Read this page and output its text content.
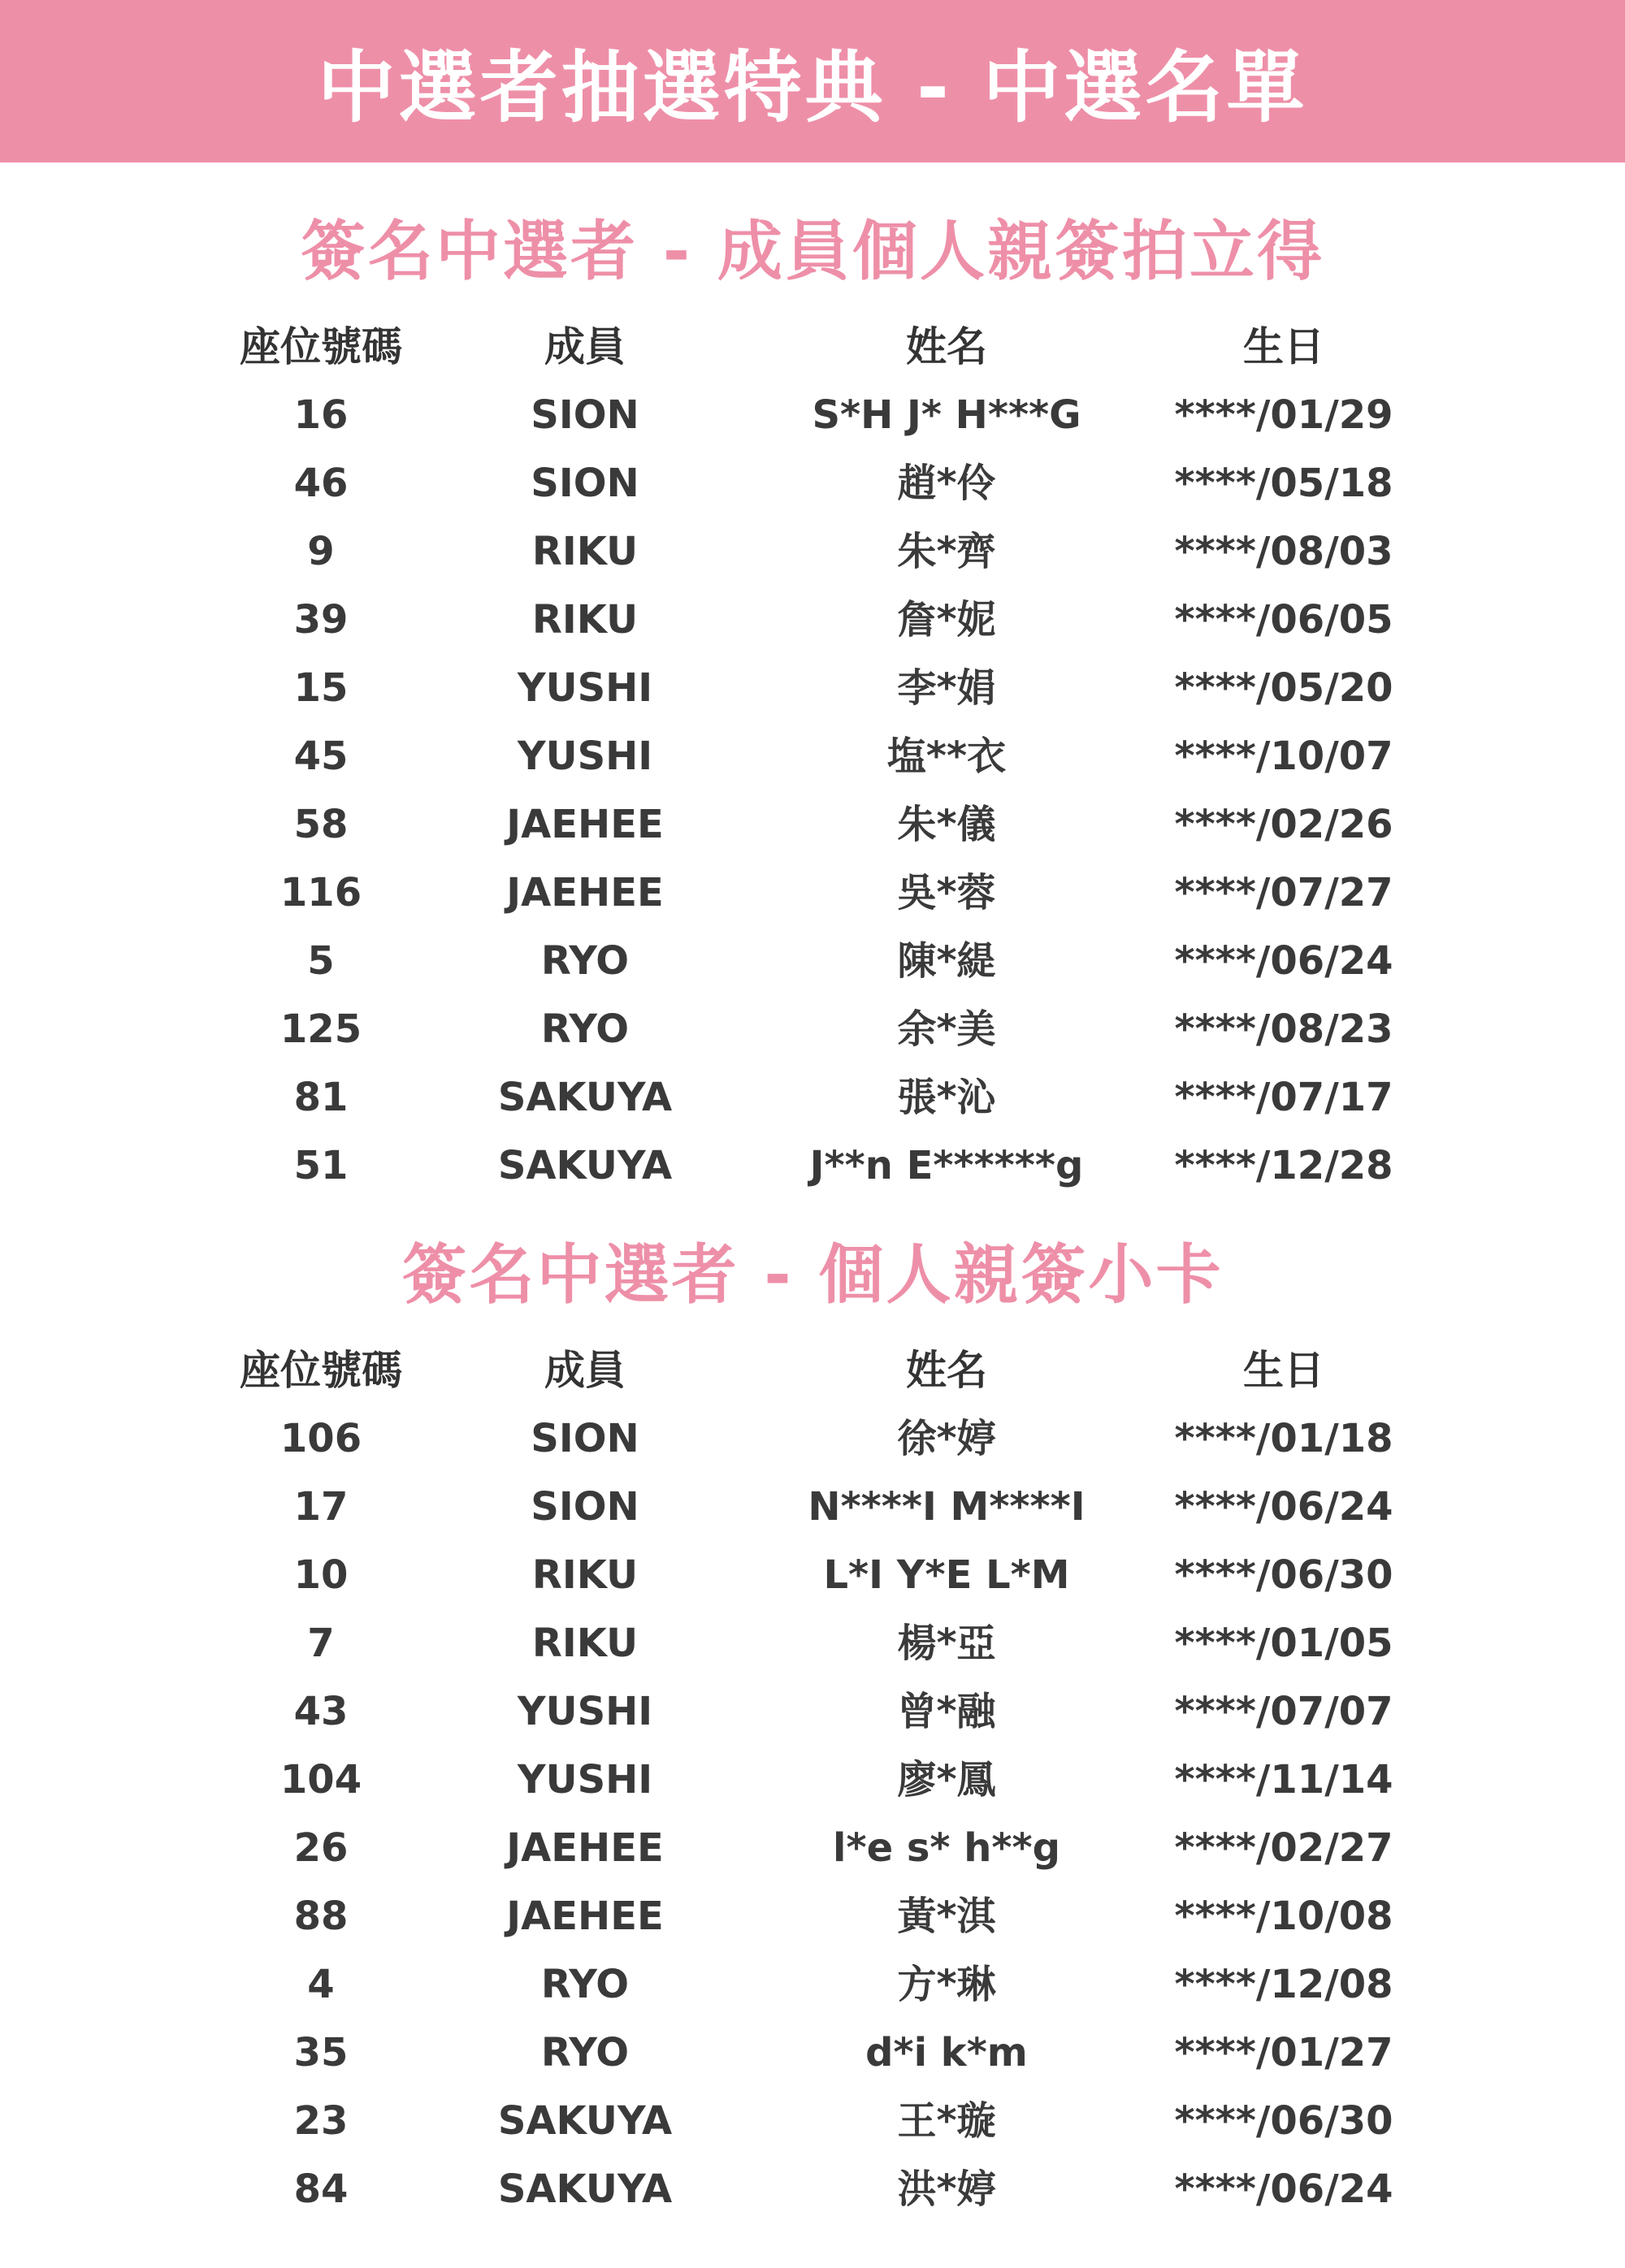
中選者抽選特典 - 中選名單
簽名中選者 - 成員個人親簽拍立得
座位號碼	成員	姓名	生日
16	SION	S*H J* H***G	****/01/29
46	SION	趙*伶	****/05/18
9	RIKU	朱*齊	****/08/03
39	RIKU	詹*妮	****/06/05
15	YUSHI	李*娟	****/05/20
45	YUSHI	塩**衣	****/10/07
58	JAEHEE	朱*儀	****/02/26
116	JAEHEE	吳*蓉	****/07/27
5	RYO	陳*緹	****/06/24
125	RYO	余*美	****/08/23
81	SAKUYA	張*沁	****/07/17
51	SAKUYA	J**n E******g	****/12/28
簽名中選者 - 個人親簽小卡
座位號碼	成員	姓名	生日
106	SION	徐*婷	****/01/18
17	SION	N****I M****I	****/06/24
10	RIKU	L*I Y*E L*M	****/06/30
7	RIKU	楊*亞	****/01/05
43	YUSHI	曾*融	****/07/07
104	YUSHI	廖*鳳	****/11/14
26	JAEHEE	l*e s* h**g	****/02/27
88	JAEHEE	黃*淇	****/10/08
4	RYO	方*琳	****/12/08
35	RYO	d*i k*m	****/01/27
23	SAKUYA	王*璇	****/06/30
84	SAKUYA	洪*婷	****/06/24
